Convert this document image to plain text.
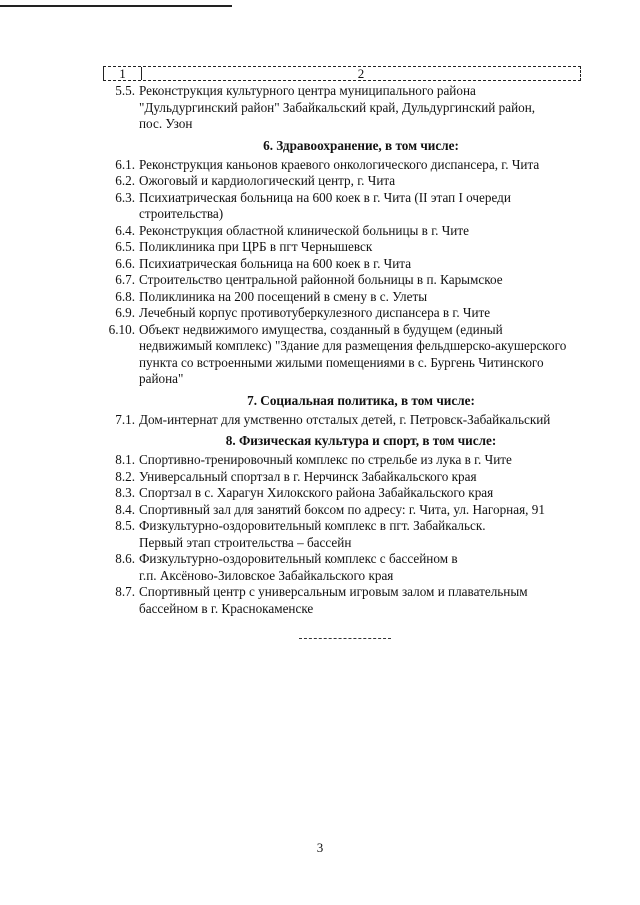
1	2
5.5. Реконструкция культурного центра муниципального района
"Дульдургинский район" Забайкальский край, Дульдургинский район,
пос. Узон
6. Здравоохранение, в том числе:
6.1. Реконструкция каньонов краевого онкологического диспансера, г. Чита
6.2. Ожоговый и кардиологический центр, г. Чита
6.3. Психиатрическая больница на 600 коек в г. Чита (II этап I очереди
строительства)
6.4. Реконструкция областной клинической больницы в г. Чите
6.5. Поликлиника при ЦРБ в пгт Чернышевск
6.6. Психиатрическая больница на 600 коек в г. Чита
6.7. Строительство центральной районной больницы в п. Карымское
6.8. Поликлиника на 200 посещений в смену в с. Улеты
6.9. Лечебный корпус противотуберкулезного диспансера в г. Чите
6.10. Объект недвижимого имущества, созданный в будущем (единый
недвижимый комплекс) "Здание для размещения фельдшерско-акушерского
пункта со встроенными жилыми помещениями в с. Бургень Читинского
района"
7. Социальная политика, в том числе:
7.1. Дом-интернат для умственно отсталых детей, г. Петровск-Забайкальский
8. Физическая культура и спорт, в том числе:
8.1. Спортивно-тренировочный комплекс по стрельбе из лука в г. Чите
8.2. Универсальный спортзал в г. Нерчинск Забайкальского края
8.3. Спортзал в с. Харагун Хилокского района Забайкальского края
8.4. Спортивный зал для занятий боксом по адресу: г. Чита, ул. Нагорная, 91
8.5. Физкультурно-оздоровительный комплекс в пгт. Забайкальск.
Первый этап строительства – бассейн
8.6. Физкультурно-оздоровительный комплекс с бассейном в
г.п. Аксёново-Зиловское Забайкальского края
8.7. Спортивный центр с универсальным игровым залом и плавательным
бассейном в г. Краснокаменске
3
